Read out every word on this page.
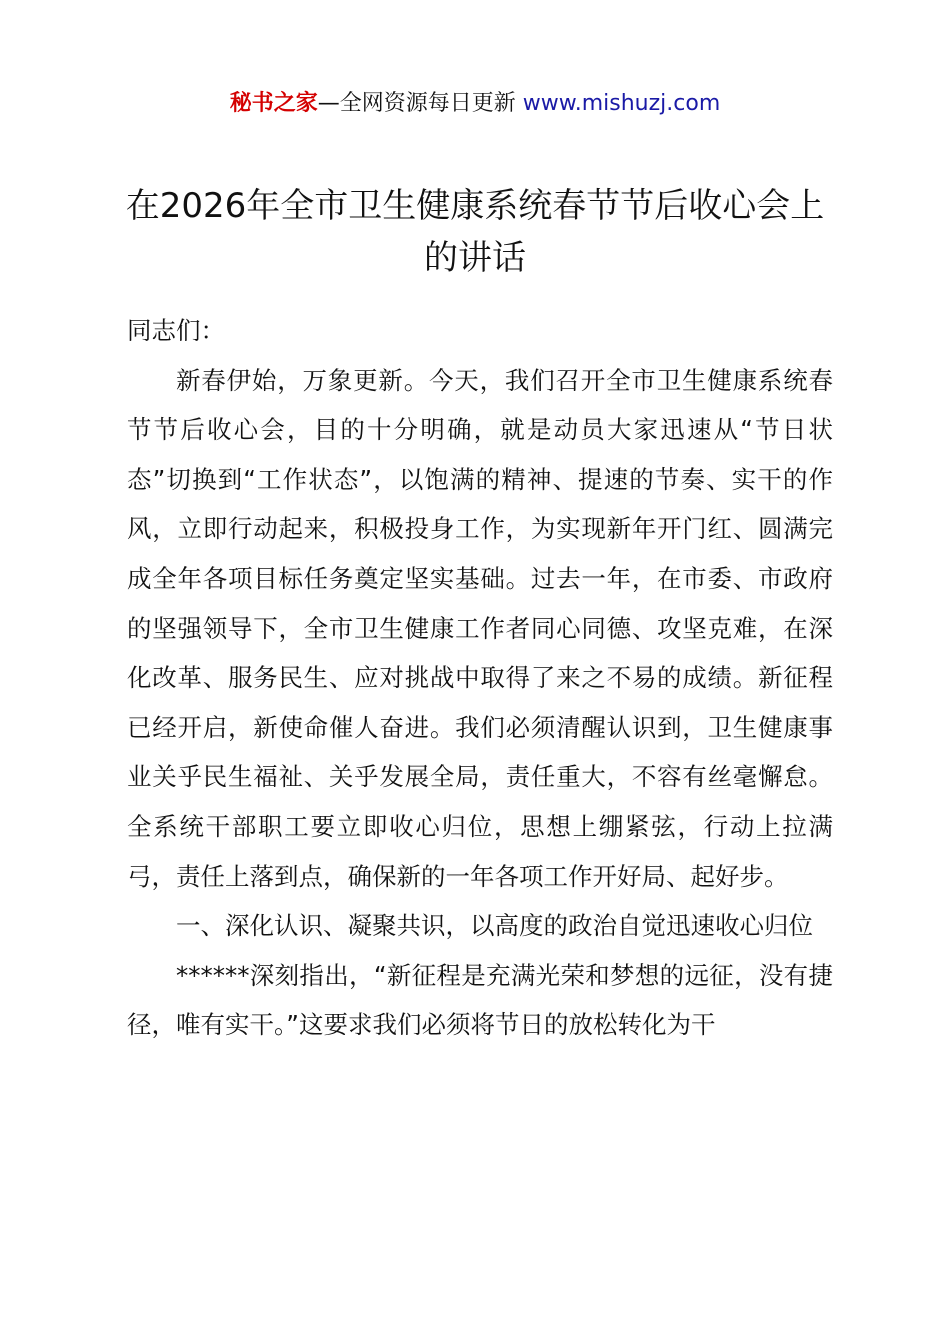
秘书之家—全网资源每日更新 www.mishuzj.com
在2026年全市卫生健康系统春节节后收心会上的讲话

同志们：

新春伊始，万象更新。今天，我们召开全市卫生健康系统春节节后收心会，目的十分明确，就是动员大家迅速从“节日状态”切换到“工作状态”，以饱满的精神、提速的节奏、实干的作风，立即行动起来，积极投身工作，为实现新年开门红、圆满完成全年各项目标任务奠定坚实基础。过去一年，在市委、市政府的坚强领导下，全市卫生健康工作者同心同德、攻坚克难，在深化改革、服务民生、应对挑战中取得了来之不易的成绩。新征程已经开启，新使命催人奋进。我们必须清醒认识到，卫生健康事业关乎民生福祉、关乎发展全局，责任重大，不容有丝毫懈怠。全系统干部职工要立即收心归位，思想上绷紧弦，行动上拉满弓，责任上落到点，确保新的一年各项工作开好局、起好步。

一、深化认识、凝聚共识，以高度的政治自觉迅速收心归位

******深刻指出，“新征程是充满光荣和梦想的远征，没有捷径，唯有实干。”这要求我们必须将节日的放松转化为干
